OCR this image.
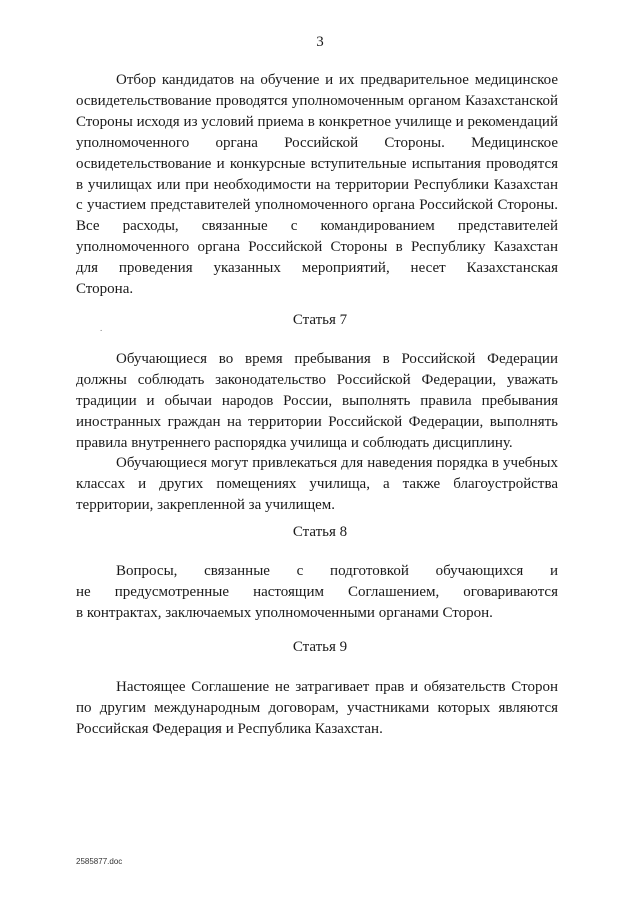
3
Отбор кандидатов на обучение и их предварительное медицинское
освидетельствование проводятся уполномоченным органом Казахстанской
Стороны исходя из условий приема в конкретное училище и рекомендаций
уполномоченного органа Российской Стороны. Медицинское
освидетельствование и конкурсные вступительные испытания проводятся
в училищах или при необходимости на территории Республики Казахстан
с участием представителей уполномоченного органа Российской Стороны.
Все расходы, связанные с командированием представителей
уполномоченного органа Российской Стороны в Республику Казахстан
для проведения указанных мероприятий, несет Казахстанская
Сторона.
.	Статья 7
Обучающиеся во время пребывания в Российской Федерации
должны соблюдать законодательство Российской Федерации, уважать
традиции и обычаи народов России, выполнять правила пребывания
иностранных граждан на территории Российской Федерации, выполнять
правила внутреннего распорядка училища и соблюдать дисциплину.
Обучающиеся могут привлекаться для наведения порядка в учебных
классах и других помещениях училища, а также благоустройства
территории, закрепленной за училищем.
Статья 8
Вопросы, связанные с подготовкой обучающихся и
не предусмотренные настоящим Соглашением, оговариваются
в контрактах, заключаемых уполномоченными органами Сторон.
Статья 9
Настоящее Соглашение не затрагивает прав и обязательств Сторон
по другим международным договорам, участниками которых являются
Российская Федерация и Республика Казахстан.
2585877.doc
